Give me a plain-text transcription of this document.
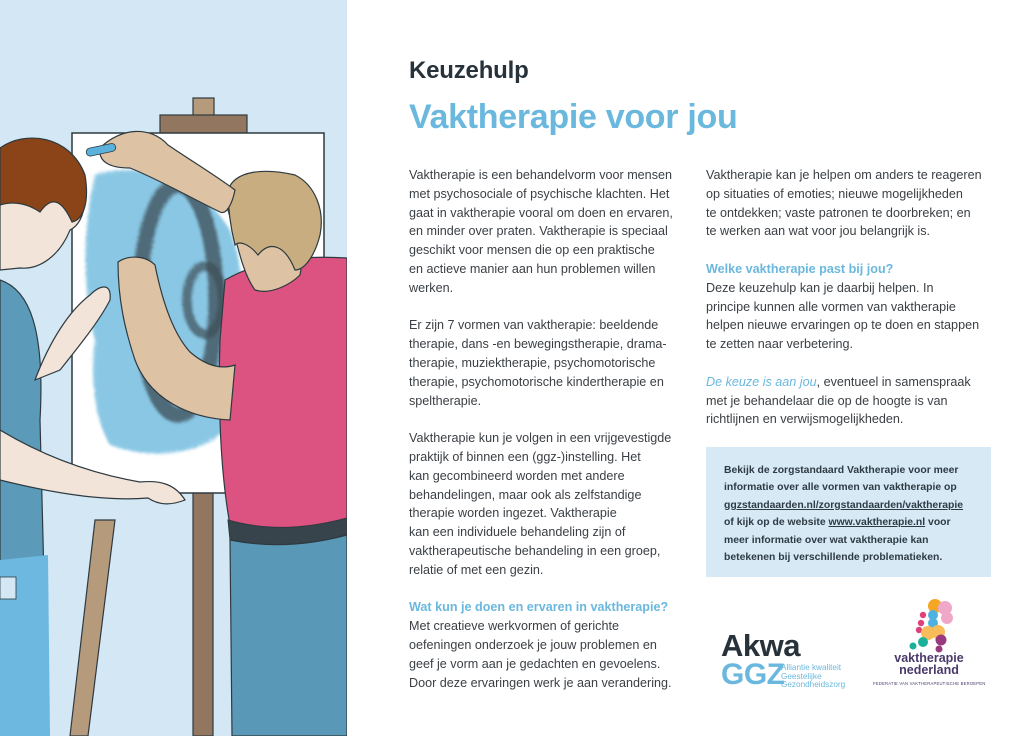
Keuzehulp
Vaktherapie voor jou

Vaktherapie is een behandelvorm voor mensen
met psychosociale of psychische klachten. Het
gaat in vaktherapie vooral om doen en ervaren,
en minder over praten. Vaktherapie is speciaal
geschikt voor mensen die op een praktische
en actieve manier aan hun problemen willen
werken.

Er zijn 7 vormen van vaktherapie: beeldende
therapie, dans -en bewegingstherapie, drama-
therapie, muziektherapie, psychomotorische
therapie, psychomotorische kindertherapie en
speltherapie.

Vaktherapie kun je volgen in een vrijgevestigde
praktijk of binnen een (ggz-)instelling. Het
kan gecombineerd worden met andere
behandelingen, maar ook als zelfstandige
therapie worden ingezet. Vaktherapie
kan een individuele behandeling zijn of
vaktherapeutische behandeling in een groep,
relatie of met een gezin.

Wat kun je doen en ervaren in vaktherapie?
Met creatieve werkvormen of gerichte
oefeningen onderzoek je jouw problemen en
geef je vorm aan je gedachten en gevoelens.
Door deze ervaringen werk je aan verandering.

Vaktherapie kan je helpen om anders te reageren
op situaties of emoties; nieuwe mogelijkheden
te ontdekken; vaste patronen te doorbreken; en
te werken aan wat voor jou belangrijk is.

Welke vaktherapie past bij jou?
Deze keuzehulp kan je daarbij helpen. In
principe kunnen alle vormen van vaktherapie
helpen nieuwe ervaringen op te doen en stappen
te zetten naar verbetering.

De keuze is aan jou, eventueel in samenspraak
met je behandelaar die op de hoogte is van
richtlijnen en verwijsmogelijkheden.

Bekijk de zorgstandaard Vaktherapie voor meer
informatie over alle vormen van vaktherapie op
ggzstandaarden.nl/zorgstandaarden/vaktherapie
of kijk op de website www.vaktherapie.nl voor
meer informatie over wat vaktherapie kan
betekenen bij verschillende problematieken.
Akwa
GGZ
Alliantie kwaliteit
Geestelijke
Gezondheidszorg
vaktherapie
nederland
FEDERATIE VAN VAKTHERAPEUTISCHE BEROEPEN
